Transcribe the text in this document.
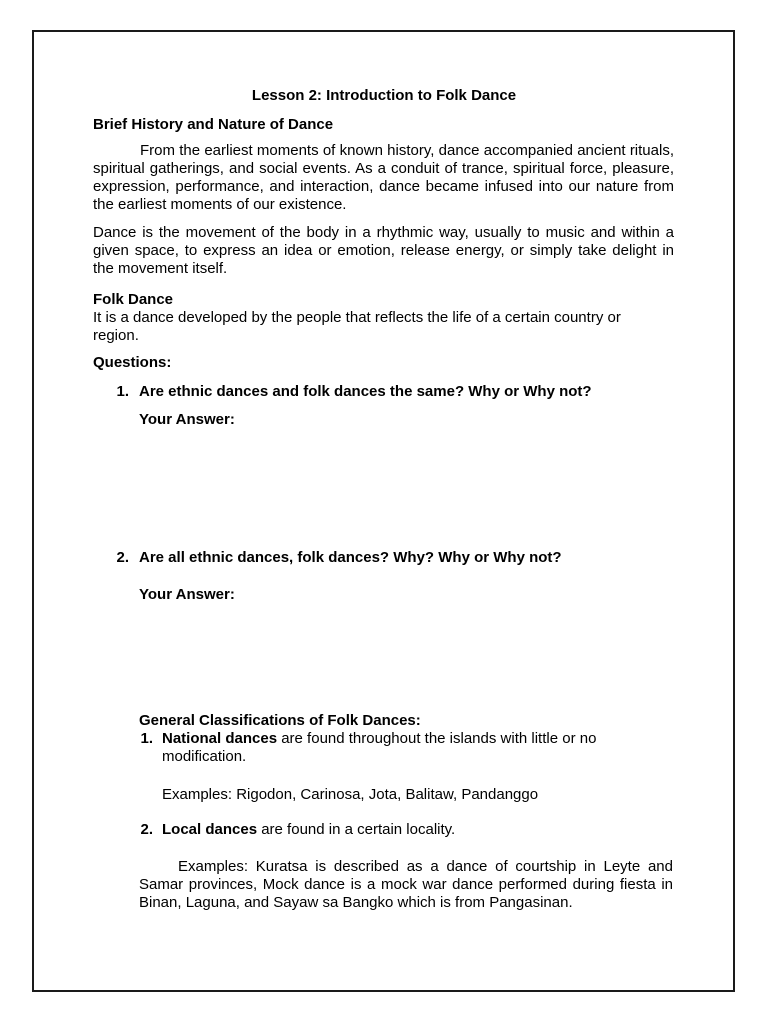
Lesson 2: Introduction to Folk Dance
Brief History and Nature of Dance
From the earliest moments of known history, dance accompanied ancient rituals, spiritual gatherings, and social events. As a conduit of trance, spiritual force, pleasure, expression, performance, and interaction, dance became infused into our nature from the earliest moments of our existence.
Dance is the movement of the body in a rhythmic way, usually to music and within a given space, to express an idea or emotion, release energy, or simply take delight in the movement itself.
Folk Dance
It is a dance developed by the people that reflects the life of a certain country or region.
Questions:
1. Are ethnic dances and folk dances the same? Why or Why not?
Your Answer:
2. Are all ethnic dances, folk dances? Why? Why or Why not?
Your Answer:
General Classifications of Folk Dances:
1. National dances are found throughout the islands with little or no modification.
Examples: Rigodon, Carinosa, Jota, Balitaw, Pandanggo
2. Local dances are found in a certain locality.
Examples: Kuratsa is described as a dance of courtship in Leyte and Samar provinces, Mock dance is a mock war dance performed during fiesta in Binan, Laguna, and Sayaw sa Bangko which is from Pangasinan.
